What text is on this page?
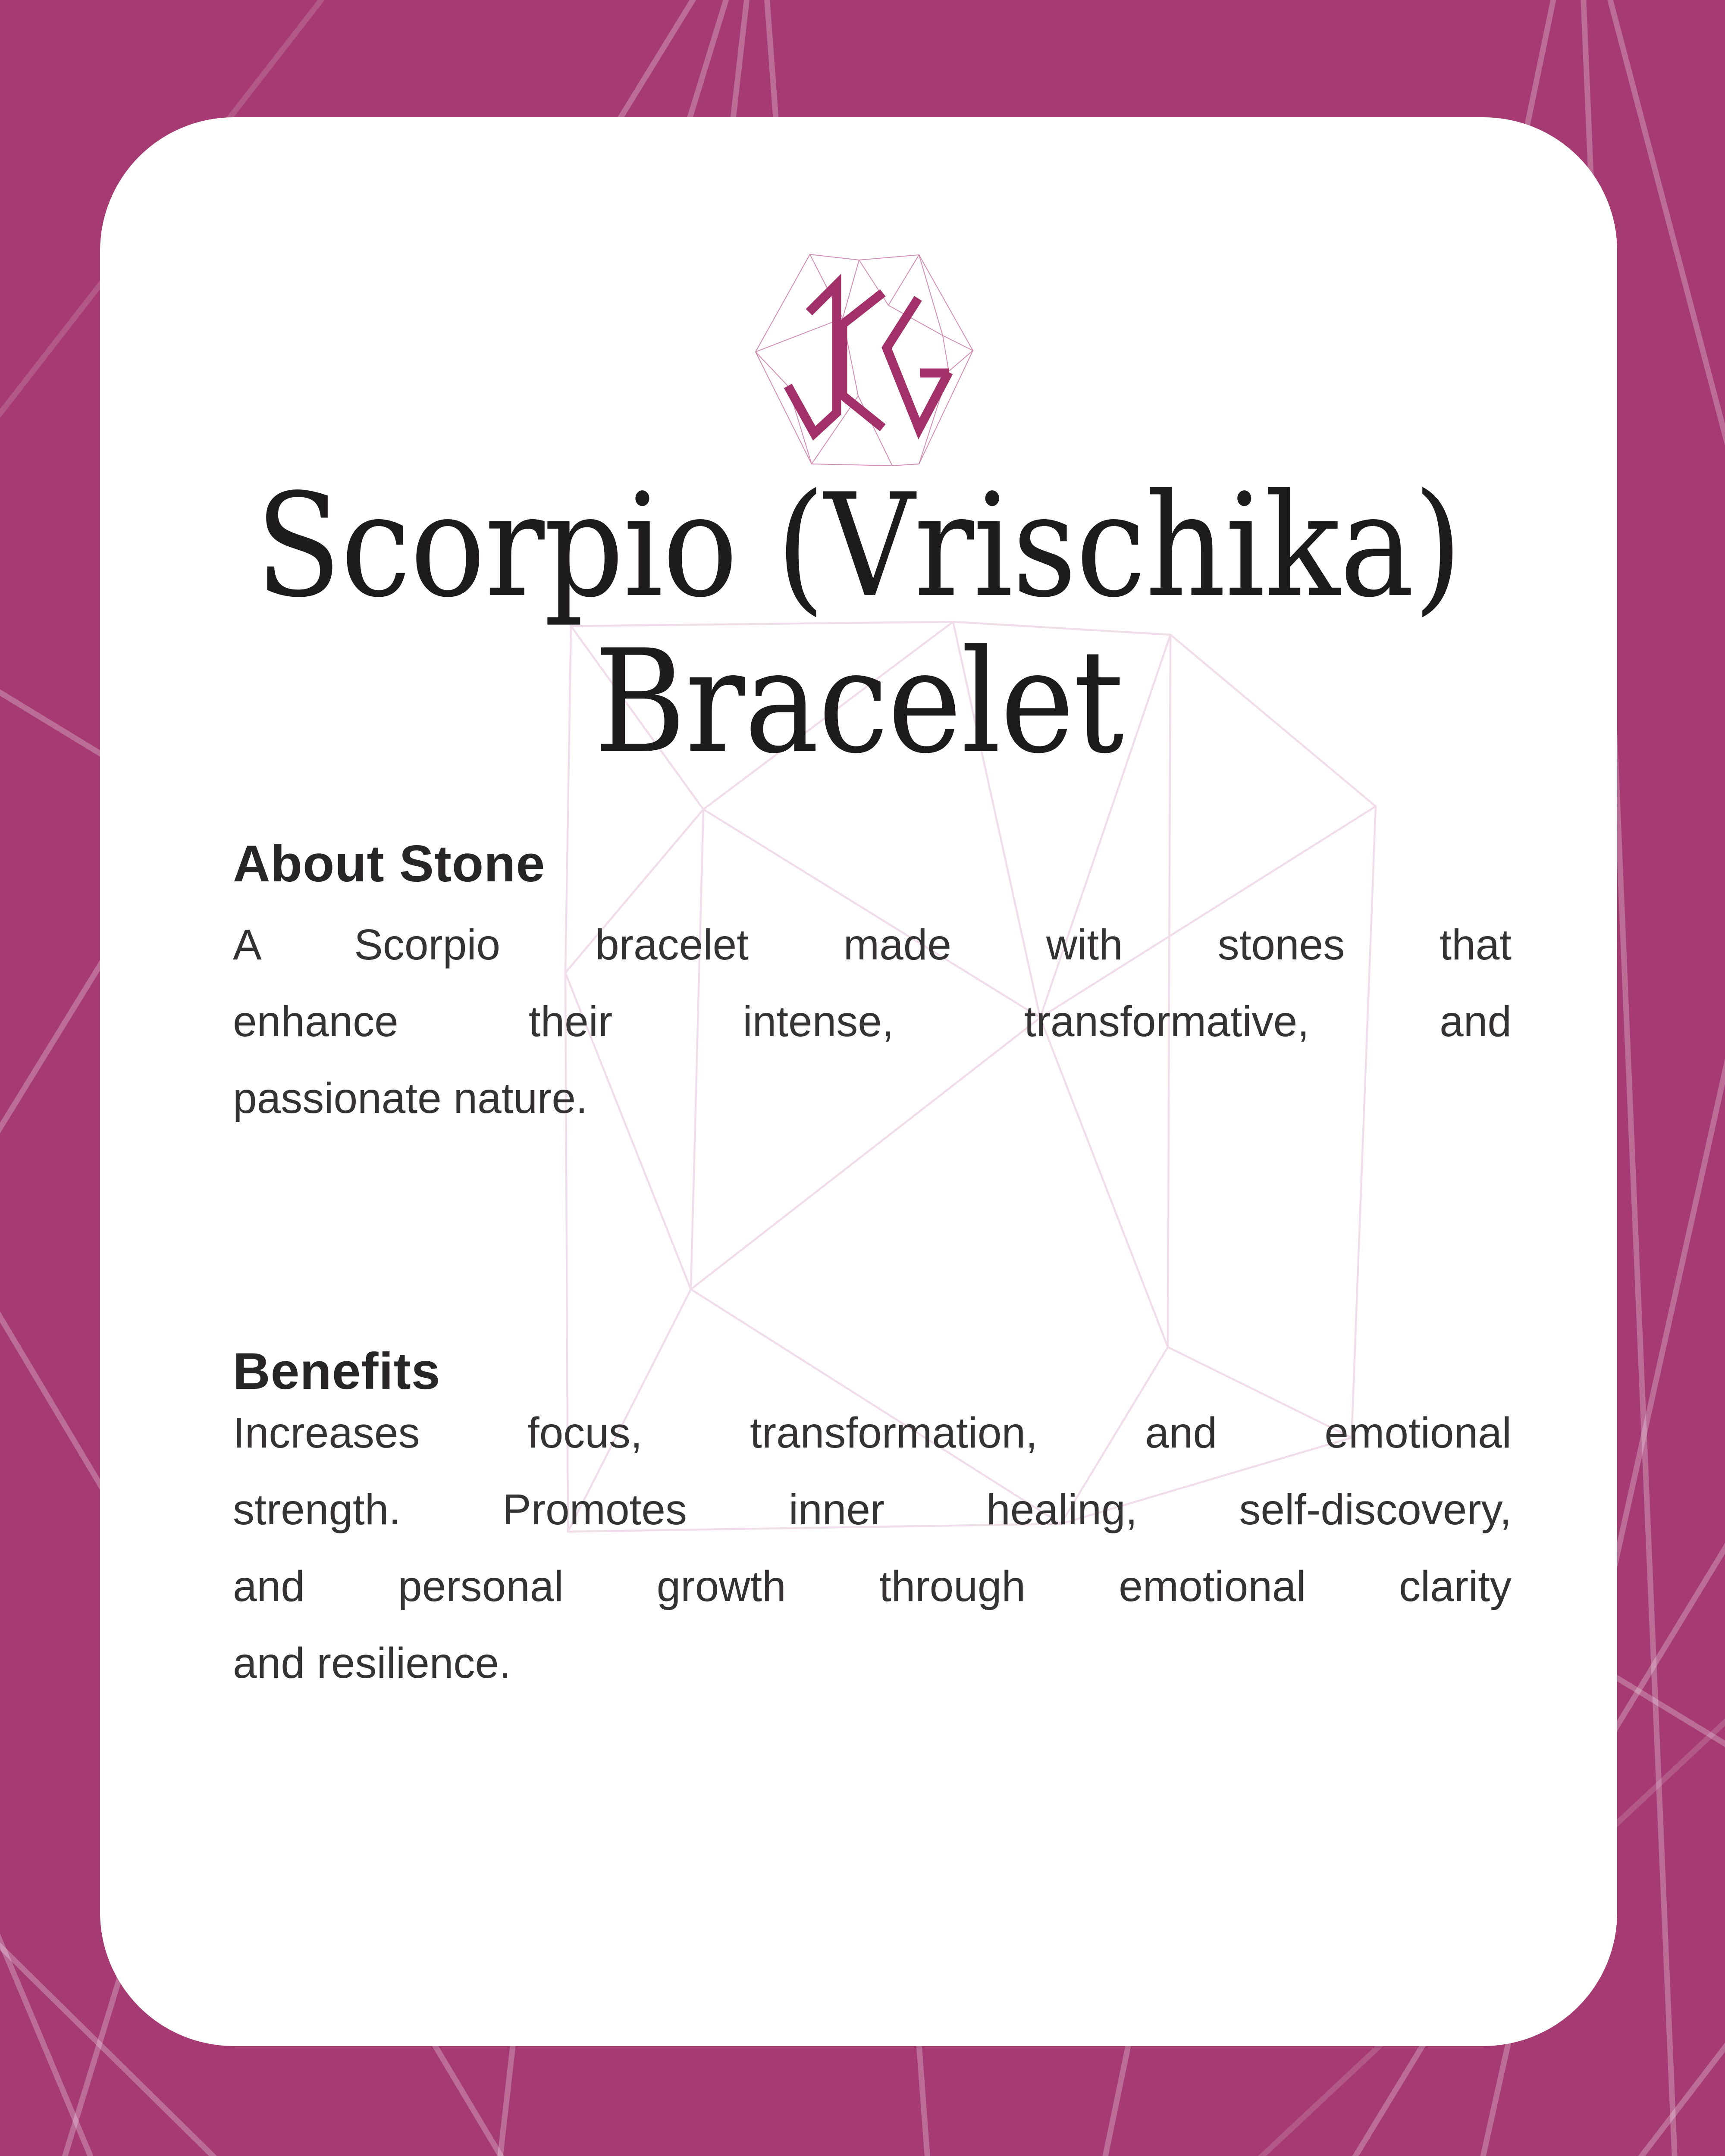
Scorpio (Vrischika)
Bracelet
About Stone

A Scorpio bracelet made with stones that
enhance their intense, transformative, and
passionate nature.

Benefits

Increases focus, transformation, and emotional
strength. Promotes inner healing, self-discovery,
and personal growth through emotional clarity
and resilience.
